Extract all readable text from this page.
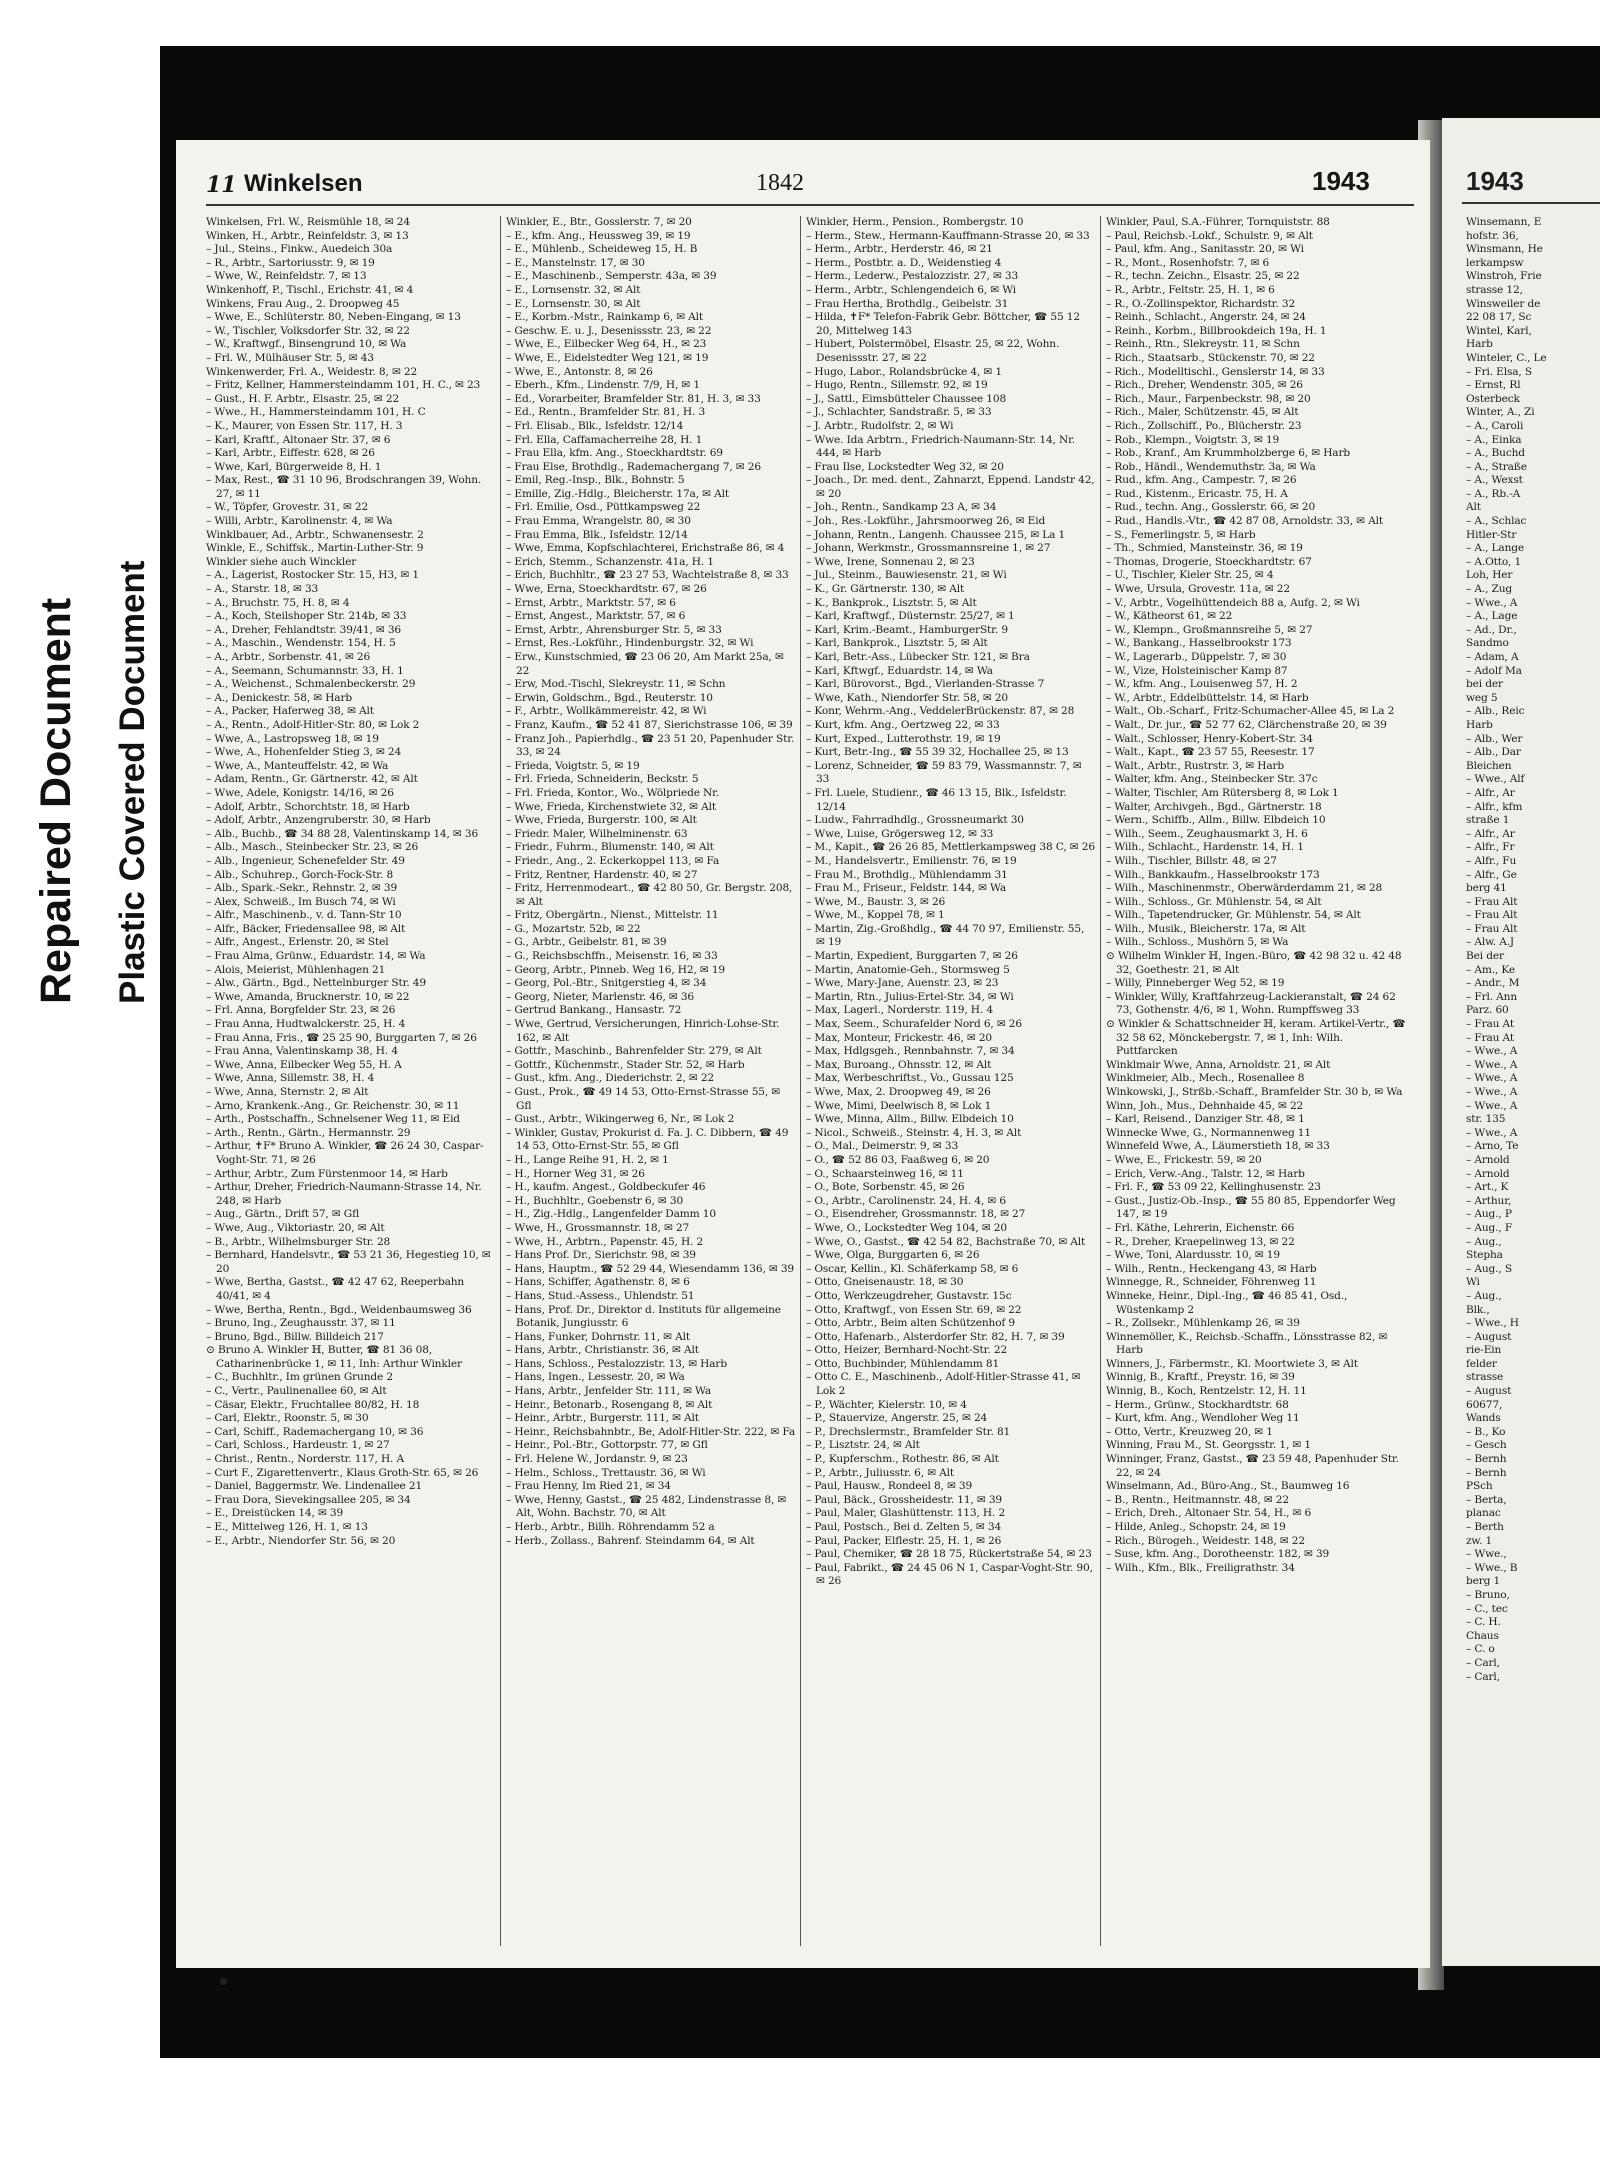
Repaired Document Plastic Covered Document
11 Winkelsen	1842	1943

Winkelsen, Frl. W., Reismühle 18, ✉ 24

Winken, H., Arbtr., Reinfeldstr. 3, ✉ 13

– Jul., Steins., Finkw., Auedeich 30a

– R., Arbtr., Sartoriusstr. 9, ✉ 19

– Wwe, W., Reinfeldstr. 7, ✉ 13

Winkenhoff, P., Tischl., Erichstr. 41, ✉ 4

Winkens, Frau Aug., 2. Droopweg 45

– Wwe, E., Schlüterstr. 80, Neben-Eingang, ✉ 13

– W., Tischler, Volksdorfer Str. 32, ✉ 22

– W., Kraftwgf., Binsengrund 10, ✉ Wa

– Frl. W., Mülhäuser Str. 5, ✉ 43

Winkenwerder, Frl. A., Weidestr. 8, ✉ 22

– Fritz, Kellner, Hammersteindamm 101, H. C., ✉ 23

– Gust., H. F. Arbtr., Elsastr. 25, ✉ 22

– Wwe., H., Hammersteindamm 101, H. C

– K., Maurer, von Essen Str. 117, H. 3

– Karl, Kraftf., Altonaer Str. 37, ✉ 6

– Karl, Arbtr., Eiffestr. 628, ✉ 26

– Wwe, Karl, Bürgerweide 8, H. 1

– Max, Rest., ☎ 31 10 96, Brodschrangen 39, Wohn. 27, ✉ 11

– W., Töpfer, Grovestr. 31, ✉ 22

– Willi, Arbtr., Karolinenstr. 4, ✉ Wa

Winklbauer, Ad., Arbtr., Schwanensestr. 2

Winkle, E., Schiffsk., Martin-Luther-Str. 9

Winkler siehe auch Winckler

– A., Lagerist, Rostocker Str. 15, H3, ✉ 1

– A., Starstr. 18, ✉ 33

– A., Bruchstr. 75, H. 8, ✉ 4

– A., Koch, Steilshoper Str. 214b, ✉ 33

– A., Dreher, Fehlandtstr. 39/41, ✉ 36

– A., Maschin., Wendenstr. 154, H. 5

– A., Arbtr., Sorbenstr. 41, ✉ 26

– A., Seemann, Schumannstr. 33, H. 1

– A., Weichenst., Schmalenbeckerstr. 29

– A., Denickestr. 58, ✉ Harb

– A., Packer, Haferweg 38, ✉ Alt

– A., Rentn., Adolf-Hitler-Str. 80, ✉ Lok 2

– Wwe, A., Lastropsweg 18, ✉ 19

– Wwe, A., Hohenfelder Stieg 3, ✉ 24

– Wwe, A., Manteuffelstr. 42, ✉ Wa

– Adam, Rentn., Gr. Gärtnerstr. 42, ✉ Alt

– Wwe, Adele, Konigstr. 14/16, ✉ 26

– Adolf, Arbtr., Schorchtstr. 18, ✉ Harb

– Adolf, Arbtr., Anzengruberstr. 30, ✉ Harb

– Alb., Buchb., ☎ 34 88 28, Valentinskamp 14, ✉ 36

– Alb., Masch., Steinbecker Str. 23, ✉ 26

– Alb., Ingenieur, Schenefelder Str. 49

– Alb., Schuhrep., Gorch-Fock-Str. 8

– Alb., Spark.-Sekr., Rehnstr. 2, ✉ 39

– Alex, Schweiß., Im Busch 74, ✉ Wi

– Alfr., Maschinenb., v. d. Tann-Str 10

– Alfr., Bäcker, Friedensallee 98, ✉ Alt

– Alfr., Angest., Erlenstr. 20, ✉ Stel

– Frau Alma, Grünw., Eduardstr. 14, ✉ Wa

– Alois, Meierist, Mühlenhagen 21

– Alw., Gärtn., Bgd., Nettelnburger Str. 49

– Wwe, Amanda, Brucknerstr. 10, ✉ 22

– Frl. Anna, Borgfelder Str. 23, ✉ 26

– Frau Anna, Hudtwalckerstr. 25, H. 4

– Frau Anna, Fris., ☎ 25 25 90, Burggarten 7, ✉ 26

– Frau Anna, Valentinskamp 38, H. 4

– Wwe, Anna, Eilbecker Weg 55, H. A

– Wwe, Anna, Sillemstr. 38, H. 4

– Wwe, Anna, Sternstr. 2, ✉ Alt

– Arno, Krankenk.-Ang., Gr. Reichenstr. 30, ✉ 11

– Arth., Postschaffn., Schnelsener Weg 11, ✉ Eid

– Arth., Rentn., Gärtn., Hermannstr. 29

– Arthur, ✝F* Bruno A. Winkler, ☎ 26 24 30, Caspar-Voght-Str. 71, ✉ 26

– Arthur, Arbtr., Zum Fürstenmoor 14, ✉ Harb

– Arthur, Dreher, Friedrich-Naumann-Strasse 14, Nr. 248, ✉ Harb

– Aug., Gärtn., Drift 57, ✉ Gfl

– Wwe, Aug., Viktoriastr. 20, ✉ Alt

– B., Arbtr., Wilhelmsburger Str. 28

– Bernhard, Handelsvtr., ☎ 53 21 36, Hegestieg 10, ✉ 20

– Wwe, Bertha, Gastst., ☎ 42 47 62, Reeperbahn 40/41, ✉ 4

– Wwe, Bertha, Rentn., Bgd., Weidenbaumsweg 36

– Bruno, Ing., Zeughausstr. 37, ✉ 11

– Bruno, Bgd., Billw. Billdeich 217

⊙ Bruno A. Winkler ℍ, Butter, ☎ 81 36 08, Catharinenbrücke 1, ✉ 11, Inh: Arthur Winkler

– C., Buchhltr., Im grünen Grunde 2

– C., Vertr., Paulinenallee 60, ✉ Alt

– Cäsar, Elektr., Fruchtallee 80/82, H. 18

– Carl, Elektr., Roonstr. 5, ✉ 30

– Carl, Schiff., Rademachergang 10, ✉ 36

– Carl, Schloss., Hardeustr. 1, ✉ 27

– Christ., Rentn., Norderstr. 117, H. A

– Curt F., Zigarettenvertr., Klaus Groth-Str. 65, ✉ 26

– Daniel, Baggermstr. We. Lindenallee 21

– Frau Dora, Sievekingsallee 205, ✉ 34

– E., Dreistücken 14, ✉ 39

– E., Mittelweg 126, H. 1, ✉ 13

– E., Arbtr., Niendorfer Str. 56, ✉ 20

Winkler, E., Btr., Gosslerstr. 7, ✉ 20

– E., kfm. Ang., Heussweg 39, ✉ 19

– E., Mühlenb., Scheideweg 15, H. B

– E., Manstelnstr. 17, ✉ 30

– E., Maschinenb., Semperstr. 43a, ✉ 39

– E., Lornsenstr. 32, ✉ Alt

– E., Lornsenstr. 30, ✉ Alt

– E., Korbm.-Mstr., Rainkamp 6, ✉ Alt

– Geschw. E. u. J., Desenissstr. 23, ✉ 22

– Wwe, E., Eilbecker Weg 64, H., ✉ 23

– Wwe, E., Eidelstedter Weg 121, ✉ 19

– Wwe, E., Antonstr. 8, ✉ 26

– Eberh., Kfm., Lindenstr. 7/9, H, ✉ 1

– Ed., Vorarbeiter, Bramfelder Str. 81, H. 3, ✉ 33

– Ed., Rentn., Bramfelder Str. 81, H. 3

– Frl. Elisab., Blk., Isfeldstr. 12/14

– Frl. Ella, Caffamacherreihe 28, H. 1

– Frau Ella, kfm. Ang., Stoeckhardtstr. 69

– Frau Else, Brothdlg., Rademachergang 7, ✉ 26

– Emil, Reg.-Insp., Blk., Bohnstr. 5

– Emille, Zig.-Hdlg., Bleicherstr. 17a, ✉ Alt

– Frl. Emilie, Osd., Püttkampsweg 22

– Frau Emma, Wrangelstr. 80, ✉ 30

– Frau Emma, Blk., Isfeldstr. 12/14

– Wwe, Emma, Kopfschlachterei, Erichstraße 86, ✉ 4

– Erich, Stemm., Schanzenstr. 41a, H. 1

– Erich, Buchhltr., ☎ 23 27 53, Wachtelstraße 8, ✉ 33

– Wwe, Erna, Stoeckhardtstr. 67, ✉ 26

– Ernst, Arbtr., Marktstr. 57, ✉ 6

– Ernst, Angest., Marktstr. 57, ✉ 6

– Ernst, Arbtr., Ahrensburger Str. 5, ✉ 33

– Ernst, Res.-Lokführ., Hindenburgstr. 32, ✉ Wi

– Erw., Kunstschmied, ☎ 23 06 20, Am Markt 25a, ✉ 22

– Erw, Mod.-Tischl, Slekreystr. 11, ✉ Schn

– Erwin, Goldschm., Bgd., Reuterstr. 10

– F., Arbtr., Wollkämmereistr. 42, ✉ Wi

– Franz, Kaufm., ☎ 52 41 87, Sierichstrasse 106, ✉ 39

– Franz Joh., Papierhdlg., ☎ 23 51 20, Papenhuder Str. 33, ✉ 24

– Frieda, Voigtstr. 5, ✉ 19

– Frl. Frieda, Schneiderin, Beckstr. 5

– Frl. Frieda, Kontor., Wo., Wölpriede Nr.

– Wwe, Frieda, Kirchenstwiete 32, ✉ Alt

– Wwe, Frieda, Burgerstr. 100, ✉ Alt

– Friedr. Maler, Wilhelminenstr. 63

– Friedr., Fuhrm., Blumenstr. 140, ✉ Alt

– Friedr., Ang., 2. Eckerkoppel 113, ✉ Fa

– Fritz, Rentner, Hardenstr. 40, ✉ 27

– Fritz, Herrenmodeart., ☎ 42 80 50, Gr. Bergstr. 208, ✉ Alt

– Fritz, Obergärtn., Nienst., Mittelstr. 11

– G., Mozartstr. 52b, ✉ 22

– G., Arbtr., Geibelstr. 81, ✉ 39

– G., Reichsbschffn., Meisenstr. 16, ✉ 33

– Georg, Arbtr., Pinneb. Weg 16, H2, ✉ 19

– Georg, Pol.-Btr., Snitgerstieg 4, ✉ 34

– Georg, Nieter, Marlenstr. 46, ✉ 36

– Gertrud Bankang., Hansastr. 72

– Wwe, Gertrud, Versicherungen, Hinrich-Lohse-Str. 162, ✉ Alt

– Gottfr., Maschinb., Bahrenfelder Str. 279, ✉ Alt

– Gottfr., Küchenmstr., Stader Str. 52, ✉ Harb

– Gust., kfm. Ang., Diederichstr. 2, ✉ 22

– Gust., Prok., ☎ 49 14 53, Otto-Ernst-Strasse 55, ✉ Gfl

– Gust., Arbtr., Wikingerweg 6, Nr., ✉ Lok 2

– Winkler, Gustav, Prokurist d. Fa. J. C. Dibbern, ☎ 49 14 53, Otto-Ernst-Str. 55, ✉ Gfl

– H., Lange Reihe 91, H. 2, ✉ 1

– H., Horner Weg 31, ✉ 26

– H., kaufm. Angest., Goldbeckufer 46

– H., Buchhltr., Goebenstr 6, ✉ 30

– H., Zig.-Hdlg., Langenfelder Damm 10

– Wwe, H., Grossmannstr. 18, ✉ 27

– Wwe, H., Arbtrn., Papenstr. 45, H. 2

– Hans Prof. Dr., Sierichstr. 98, ✉ 39

– Hans, Hauptm., ☎ 52 29 44, Wiesendamm 136, ✉ 39

– Hans, Schiffer, Agathenstr. 8, ✉ 6

– Hans, Stud.-Assess., Uhlendstr. 51

– Hans, Prof. Dr., Direktor d. Instituts für allgemeine Botanik, Jungiusstr. 6

– Hans, Funker, Dohrnstr. 11, ✉ Alt

– Hans, Arbtr., Christianstr. 36, ✉ Alt

– Hans, Schloss., Pestalozzistr. 13, ✉ Harb

– Hans, Ingen., Lessestr. 20, ✉ Wa

– Hans, Arbtr., Jenfelder Str. 111, ✉ Wa

– Heinr., Betonarb., Rosengang 8, ✉ Alt

– Heinr., Arbtr., Burgerstr. 111, ✉ Alt

– Heinr., Reichsbahnbtr., Be, Adolf-Hitler-Str. 222, ✉ Fa

– Heinr., Pol.-Btr., Gottorpstr. 77, ✉ Gfl

– Frl. Helene W., Jordanstr. 9, ✉ 23

– Helm., Schloss., Trettaustr. 36, ✉ Wi

– Frau Henny, Im Ried 21, ✉ 34

– Wwe, Henny, Gastst., ☎ 25 482, Lindenstrasse 8, ✉ Alt, Wohn. Bachstr. 70, ✉ Alt

– Herb., Arbtr., Billh. Röhrendamm 52 a

– Herb., Zollass., Bahrenf. Steindamm 64, ✉ Alt

Winkler, Herm., Pension., Rombergstr. 10

– Herm., Stew., Hermann-Kauffmann-Strasse 20, ✉ 33

– Herm., Arbtr., Herderstr. 46, ✉ 21

– Herm., Postbtr. a. D., Weidenstieg 4

– Herm., Lederw., Pestalozzistr. 27, ✉ 33

– Herm., Arbtr., Schlengendeich 6, ✉ Wi

– Frau Hertha, Brothdlg., Geibelstr. 31

– Hilda, ✝F* Telefon-Fabrik Gebr. Böttcher, ☎ 55 12 20, Mittelweg 143

– Hubert, Polstermöbel, Elsastr. 25, ✉ 22, Wohn. Desenissstr. 27, ✉ 22

– Hugo, Labor., Rolandsbrücke 4, ✉ 1

– Hugo, Rentn., Sillemstr. 92, ✉ 19

– J., Sattl., Eimsbütteler Chaussee 108

– J., Schlachter, Sandstraßr. 5, ✉ 33

– J. Arbtr., Rudolfstr. 2, ✉ Wi

– Wwe. Ida Arbtrn., Friedrich-Naumann-Str. 14, Nr. 444, ✉ Harb

– Frau Ilse, Lockstedter Weg 32, ✉ 20

– Joach., Dr. med. dent., Zahnarzt, Eppend. Landstr 42, ✉ 20

– Joh., Rentn., Sandkamp 23 A, ✉ 34

– Joh., Res.-Lokführ., Jahrsmoorweg 26, ✉ Eid

– Johann, Rentn., Langenh. Chaussee 215, ✉ La 1

– Johann, Werkmstr., Grossmannsreine 1, ✉ 27

– Wwe, Irene, Sonnenau 2, ✉ 23

– Jul., Steinm., Bauwiesenstr. 21, ✉ Wi

– K., Gr. Gärtnerstr. 130, ✉ Alt

– K., Bankprok., Lisztstr. 5, ✉ Alt

– Karl, Kraftwgf., Düsternstr. 25/27, ✉ 1

– Karl, Krim.-Beamt., HamburgerStr. 9

– Karl, Bankprok., Lisztstr. 5, ✉ Alt

– Karl, Betr.-Ass., Lübecker Str. 121, ✉ Bra

– Karl, Kftwgf., Eduardstr. 14, ✉ Wa

– Karl, Bürovorst., Bgd., Vierlanden-Strasse 7

– Wwe, Kath., Niendorfer Str. 58, ✉ 20

– Konr, Wehrm.-Ang., VeddelerBrückenstr. 87, ✉ 28

– Kurt, kfm. Ang., Oertzweg 22, ✉ 33

– Kurt, Exped., Lutterothstr. 19, ✉ 19

– Kurt, Betr.-Ing., ☎ 55 39 32, Hochallee 25, ✉ 13

– Lorenz, Schneider, ☎ 59 83 79, Wassmannstr. 7, ✉ 33

– Frl. Luele, Studienr., ☎ 46 13 15, Blk., Isfeldstr. 12/14

– Ludw., Fahrradhdlg., Grossneumarkt 30

– Wwe, Luise, Grögersweg 12, ✉ 33

– M., Kapit., ☎ 26 26 85, Mettlerkampsweg 38 C, ✉ 26

– M., Handelsvertr., Emilienstr. 76, ✉ 19

– Frau M., Brothdlg., Mühlendamm 31

– Frau M., Friseur., Feldstr. 144, ✉ Wa

– Wwe, M., Baustr. 3, ✉ 26

– Wwe, M., Koppel 78, ✉ 1

– Martin, Zig.-Großhdlg., ☎ 44 70 97, Emilienstr. 55, ✉ 19

– Martin, Expedient, Burggarten 7, ✉ 26

– Martin, Anatomie-Geh., Stormsweg 5

– Wwe, Mary-Jane, Auenstr. 23, ✉ 23

– Martin, Rtn., Julius-Ertel-Str. 34, ✉ Wi

– Max, Lagerl., Norderstr. 119, H. 4

– Max, Seem., Schurafelder Nord 6, ✉ 26

– Max, Monteur, Frickestr. 46, ✉ 20

– Max, Hdlgsgeh., Rennbahnstr. 7, ✉ 34

– Max, Buroang., Ohnsstr. 12, ✉ Alt

– Max, Werbeschriftst., Vo., Gussau 125

– Wwe, Max, 2. Droopweg 49, ✉ 26

– Wwe, Mimi, Deelwisch 8, ✉ Lok 1

– Wwe, Minna, Allm., Billw. Elbdeich 10

– Nicol., Schweiß., Steinstr. 4, H. 3, ✉ Alt

– O., Mal., Deimerstr. 9, ✉ 33

– O., ☎ 52 86 03, Faaßweg 6, ✉ 20

– O., Schaarsteinweg 16, ✉ 11

– O., Bote, Sorbenstr. 45, ✉ 26

– O., Arbtr., Carolinenstr. 24, H. 4, ✉ 6

– O., Eisendreher, Grossmannstr. 18, ✉ 27

– Wwe, O., Lockstedter Weg 104, ✉ 20

– Wwe, O., Gastst., ☎ 42 54 82, Bachstraße 70, ✉ Alt

– Wwe, Olga, Burggarten 6, ✉ 26

– Oscar, Kellin., Kl. Schäferkamp 58, ✉ 6

– Otto, Gneisenaustr. 18, ✉ 30

– Otto, Werkzeugdreher, Gustavstr. 15c

– Otto, Kraftwgf., von Essen Str. 69, ✉ 22

– Otto, Arbtr., Beim alten Schützenhof 9

– Otto, Hafenarb., Alsterdorfer Str. 82, H. 7, ✉ 39

– Otto, Heizer, Bernhard-Nocht-Str. 22

– Otto, Buchbinder, Mühlendamm 81

– Otto C. E., Maschinenb., Adolf-Hitler-Strasse 41, ✉ Lok 2

– P., Wächter, Kielerstr. 10, ✉ 4

– P., Stauervize, Angerstr. 25, ✉ 24

– P., Drechslermstr., Bramfelder Str. 81

– P., Lisztstr. 24, ✉ Alt

– P., Kupferschm., Rothestr. 86, ✉ Alt

– P., Arbtr., Juliusstr. 6, ✉ Alt

– Paul, Hausw., Rondeel 8, ✉ 39

– Paul, Bäck., Grossheidestr. 11, ✉ 39

– Paul, Maler, Glashüttenstr. 113, H. 2

– Paul, Postsch., Bei d. Zelten 5, ✉ 34

– Paul, Packer, Elflestr. 25, H. 1, ✉ 26

– Paul, Chemiker, ☎ 28 18 75, Rückertstraße 54, ✉ 23

– Paul, Fabrikt., ☎ 24 45 06 N 1, Caspar-Voght-Str. 90, ✉ 26

Winkler, Paul, S.A.-Führer, Tornquiststr. 88

– Paul, Reichsb.-Lokf., Schulstr. 9, ✉ Alt

– Paul, kfm. Ang., Sanitasstr. 20, ✉ Wi

– R., Mont., Rosenhofstr. 7, ✉ 6

– R., techn. Zeichn., Elsastr. 25, ✉ 22

– R., Arbtr., Feltstr. 25, H. 1, ✉ 6

– R., O.-Zollinspektor, Richardstr. 32

– Reinh., Schlacht., Angerstr. 24, ✉ 24

– Reinh., Korbm., Billbrookdeich 19a, H. 1

– Reinh., Rtn., Slekreystr. 11, ✉ Schn

– Rich., Staatsarb., Stückenstr. 70, ✉ 22

– Rich., Modelltischl., Genslerstr 14, ✉ 33

– Rich., Dreher, Wendenstr. 305, ✉ 26

– Rich., Maur., Farpenbeckstr. 98, ✉ 20

– Rich., Maler, Schützenstr. 45, ✉ Alt

– Rich., Zollschiff., Po., Blücherstr. 23

– Rob., Klempn., Voigtstr. 3, ✉ 19

– Rob., Kranf., Am Krummholzberge 6, ✉ Harb

– Rob., Händl., Wendemuthstr. 3a, ✉ Wa

– Rud., kfm. Ang., Campestr. 7, ✉ 26

– Rud., Kistenm., Ericastr. 75, H. A

– Rud., techn. Ang., Gosslerstr. 66, ✉ 20

– Rud., Handls.-Vtr., ☎ 42 87 08, Arnoldstr. 33, ✉ Alt

– S., Femerlingstr. 5, ✉ Harb

– Th., Schmied, Mansteinstr. 36, ✉ 19

– Thomas, Drogerie, Stoeckhardtstr. 67

– U., Tischler, Kieler Str. 25, ✉ 4

– Wwe, Ursula, Grovestr. 11a, ✉ 22

– V., Arbtr., Vogelhüttendeich 88 a, Aufg. 2, ✉ Wi

– W., Kätheorst 61, ✉ 22

– W., Klempn., Großmannsreihe 5, ✉ 27

– W., Bankang., Hasselbrookstr 173

– W., Lagerarb., Düppelstr. 7, ✉ 30

– W., Vize, Holsteinischer Kamp 87

– W., kfm. Ang., Louisenweg 57, H. 2

– W., Arbtr., Eddelbüttelstr. 14, ✉ Harb

– Walt., Ob.-Scharf., Fritz-Schumacher-Allee 45, ✉ La 2

– Walt., Dr. jur., ☎ 52 77 62, Clärchenstraße 20, ✉ 39

– Walt., Schlosser, Henry-Kobert-Str. 34

– Walt., Kapt., ☎ 23 57 55, Reesestr. 17

– Walt., Arbtr., Rustrstr. 3, ✉ Harb

– Walter, kfm. Ang., Steinbecker Str. 37c

– Walter, Tischler, Am Rütersberg 8, ✉ Lok 1

– Walter, Archivgeh., Bgd., Gärtnerstr. 18

– Wern., Schiffb., Allm., Billw. Elbdeich 10

– Wilh., Seem., Zeughausmarkt 3, H. 6

– Wilh., Schlacht., Hardenstr. 14, H. 1

– Wilh., Tischler, Billstr. 48, ✉ 27

– Wilh., Bankkaufm., Hasselbrookstr 173

– Wilh., Maschinenmstr., Oberwärderdamm 21, ✉ 28

– Wilh., Schloss., Gr. Mühlenstr. 54, ✉ Alt

– Wilh., Tapetendrucker, Gr. Mühlenstr. 54, ✉ Alt

– Wilh., Musik., Bleicherstr. 17a, ✉ Alt

– Wilh., Schloss., Mushörn 5, ✉ Wa

⊙ Wilhelm Winkler ℍ, Ingen.-Büro, ☎ 42 98 32 u. 42 48 32, Goethestr. 21, ✉ Alt

– Willy, Pinneberger Weg 52, ✉ 19

– Winkler, Willy, Kraftfahrzeug-Lackieranstalt, ☎ 24 62 73, Gothenstr. 4/6, ✉ 1, Wohn. Rumpffsweg 33

⊙ Winkler & Schattschneider ℍ, keram. Artikel-Vertr., ☎ 32 58 62, Mönckebergstr. 7, ✉ 1, Inh: Wilh. Puttfarcken

Winklmair Wwe, Anna, Arnoldstr. 21, ✉ Alt

Winklmeier, Alb., Mech., Rosenallee 8

Winkowski, J., Strßb.-Schaff., Bramfelder Str. 30 b, ✉ Wa

Winn, Joh., Mus., Dehnhaide 45, ✉ 22

– Karl, Reisend., Danziger Str. 48, ✉ 1

Winnecke Wwe, G., Normannenweg 11

Winnefeld Wwe, A., Läumerstieth 18, ✉ 33

– Wwe, E., Frickestr. 59, ✉ 20

– Erich, Verw.-Ang., Talstr. 12, ✉ Harb

– Frl. F., ☎ 53 09 22, Kellinghusenstr. 23

– Gust., Justiz-Ob.-Insp., ☎ 55 80 85, Eppendorfer Weg 147, ✉ 19

– Frl. Käthe, Lehrerin, Eichenstr. 66

– R., Dreher, Kraepelinweg 13, ✉ 22

– Wwe, Toni, Alardusstr. 10, ✉ 19

– Wilh., Rentn., Heckengang 43, ✉ Harb

Winnegge, R., Schneider, Föhrenweg 11

Winneke, Heinr., Dipl.-Ing., ☎ 46 85 41, Osd., Wüstenkamp 2

– R., Zollsekr., Mühlenkamp 26, ✉ 39

Winnemöller, K., Reichsb.-Schaffn., Lönsstrasse 82, ✉ Harb

Winners, J., Färbermstr., Kl. Moortwiete 3, ✉ Alt

Winnig, B., Kraftf., Preystr. 16, ✉ 39

Winnig, B., Koch, Rentzelstr. 12, H. 11

– Herm., Grünw., Stockhardtstr. 68

– Kurt, kfm. Ang., Wendloher Weg 11

– Otto, Vertr., Kreuzweg 20, ✉ 1

Winning, Frau M., St. Georgsstr. 1, ✉ 1

Winninger, Franz, Gastst., ☎ 23 59 48, Papenhuder Str. 22, ✉ 24

Winselmann, Ad., Büro-Ang., St., Baumweg 16

– B., Rentn., Heitmannstr. 48, ✉ 22

– Erich, Dreh., Altonaer Str. 54, H., ✉ 6

– Hilde, Anleg., Schopstr. 24, ✉ 19

– Rich., Bürogeh., Weidestr. 148, ✉ 22

– Suse, kfm. Ang., Dorotheenstr. 182, ✉ 39

– Wilh., Kfm., Blk., Freiligrathstr. 34

1943

Winsemann, E

hofstr. 36,

Winsmann, He

lerkampsw

Winstroh, Frie

strasse 12,

Winsweiler de

22 08 17, Sc

Wintel, Karl,

Harb

Winteler, C., Le

– Fri. Elsa, S

– Ernst, Rl

Osterbeck

Winter, A., Zi

– A., Caroli

– A., Einka

– A., Buchd

– A., Straße

– A., Wexst

– A., Rb.-A

Alt

– A., Schlac

Hitler-Str

– A., Lange

– A.Otto, 1

Loh, Her

– A., Zug

– Wwe., A

– A., Lage

– Ad., Dr.,

Sandmo

– Adam, A

– Adolf Ma

bei der

weg 5

– Alb., Reic

Harb

– Alb., Wer

– Alb., Dar

Bleichen

– Wwe., Alf

– Alfr., Ar

– Alfr., kfm

straße 1

– Alfr., Ar

– Alfr., Fr

– Alfr., Fu

– Alfr., Ge

berg 41

– Frau Alt

– Frau Alt

– Frau Alt

– Alw. A.J

Bei der

– Am., Ke

– Andr., M

– Frl. Ann

Parz. 60

– Frau At

– Frau At

– Wwe., A

– Wwe., A

– Wwe., A

– Wwe., A

– Wwe., A

str. 135

– Wwe., A

– Arno, Te

– Arnold

– Arnold

– Art., K

– Arthur,

– Aug., P

– Aug., F

– Aug.,

Stepha

– Aug., S

Wi

– Aug.,

Blk.,

– Wwe., H

– August

rie-Ein

felder

strasse

– August

60677,

Wands

– B., Ko

– Gesch

– Bernh

– Bernh

PSch

– Berta,

planac

– Berth

zw. 1

– Wwe.,

– Wwe., B

berg 1

– Bruno,

– C., tec

– C. H.

Chaus

– C. o

– Carl,

– Carl,
